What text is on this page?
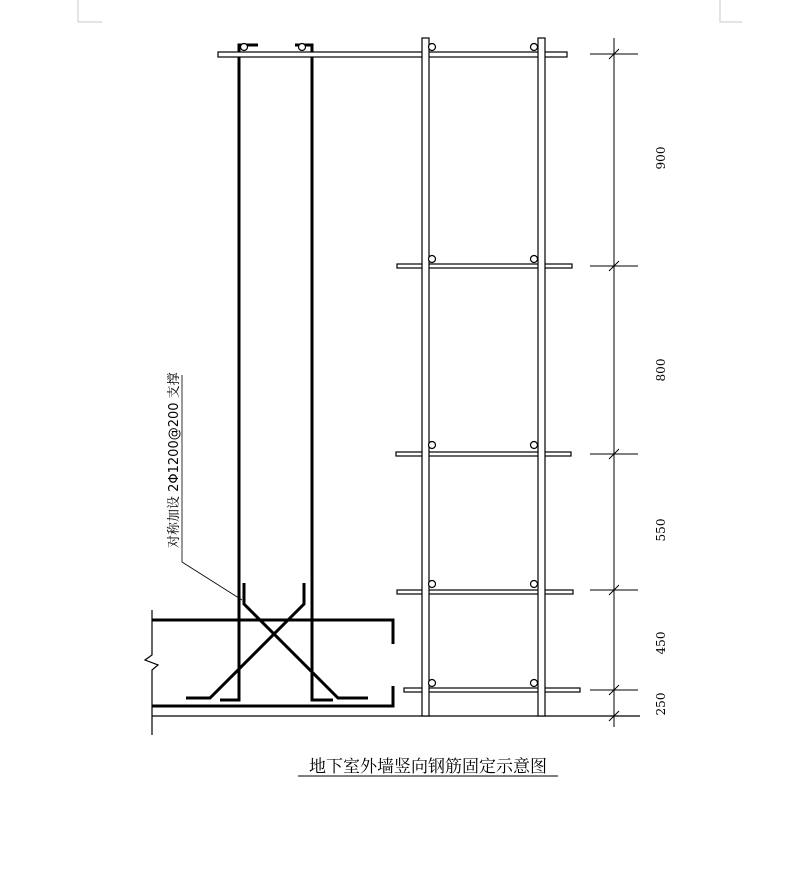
对称加设 2Φ1200@200 支撑
900
800
550
450
250
地下室外墙竖向钢筋固定示意图
